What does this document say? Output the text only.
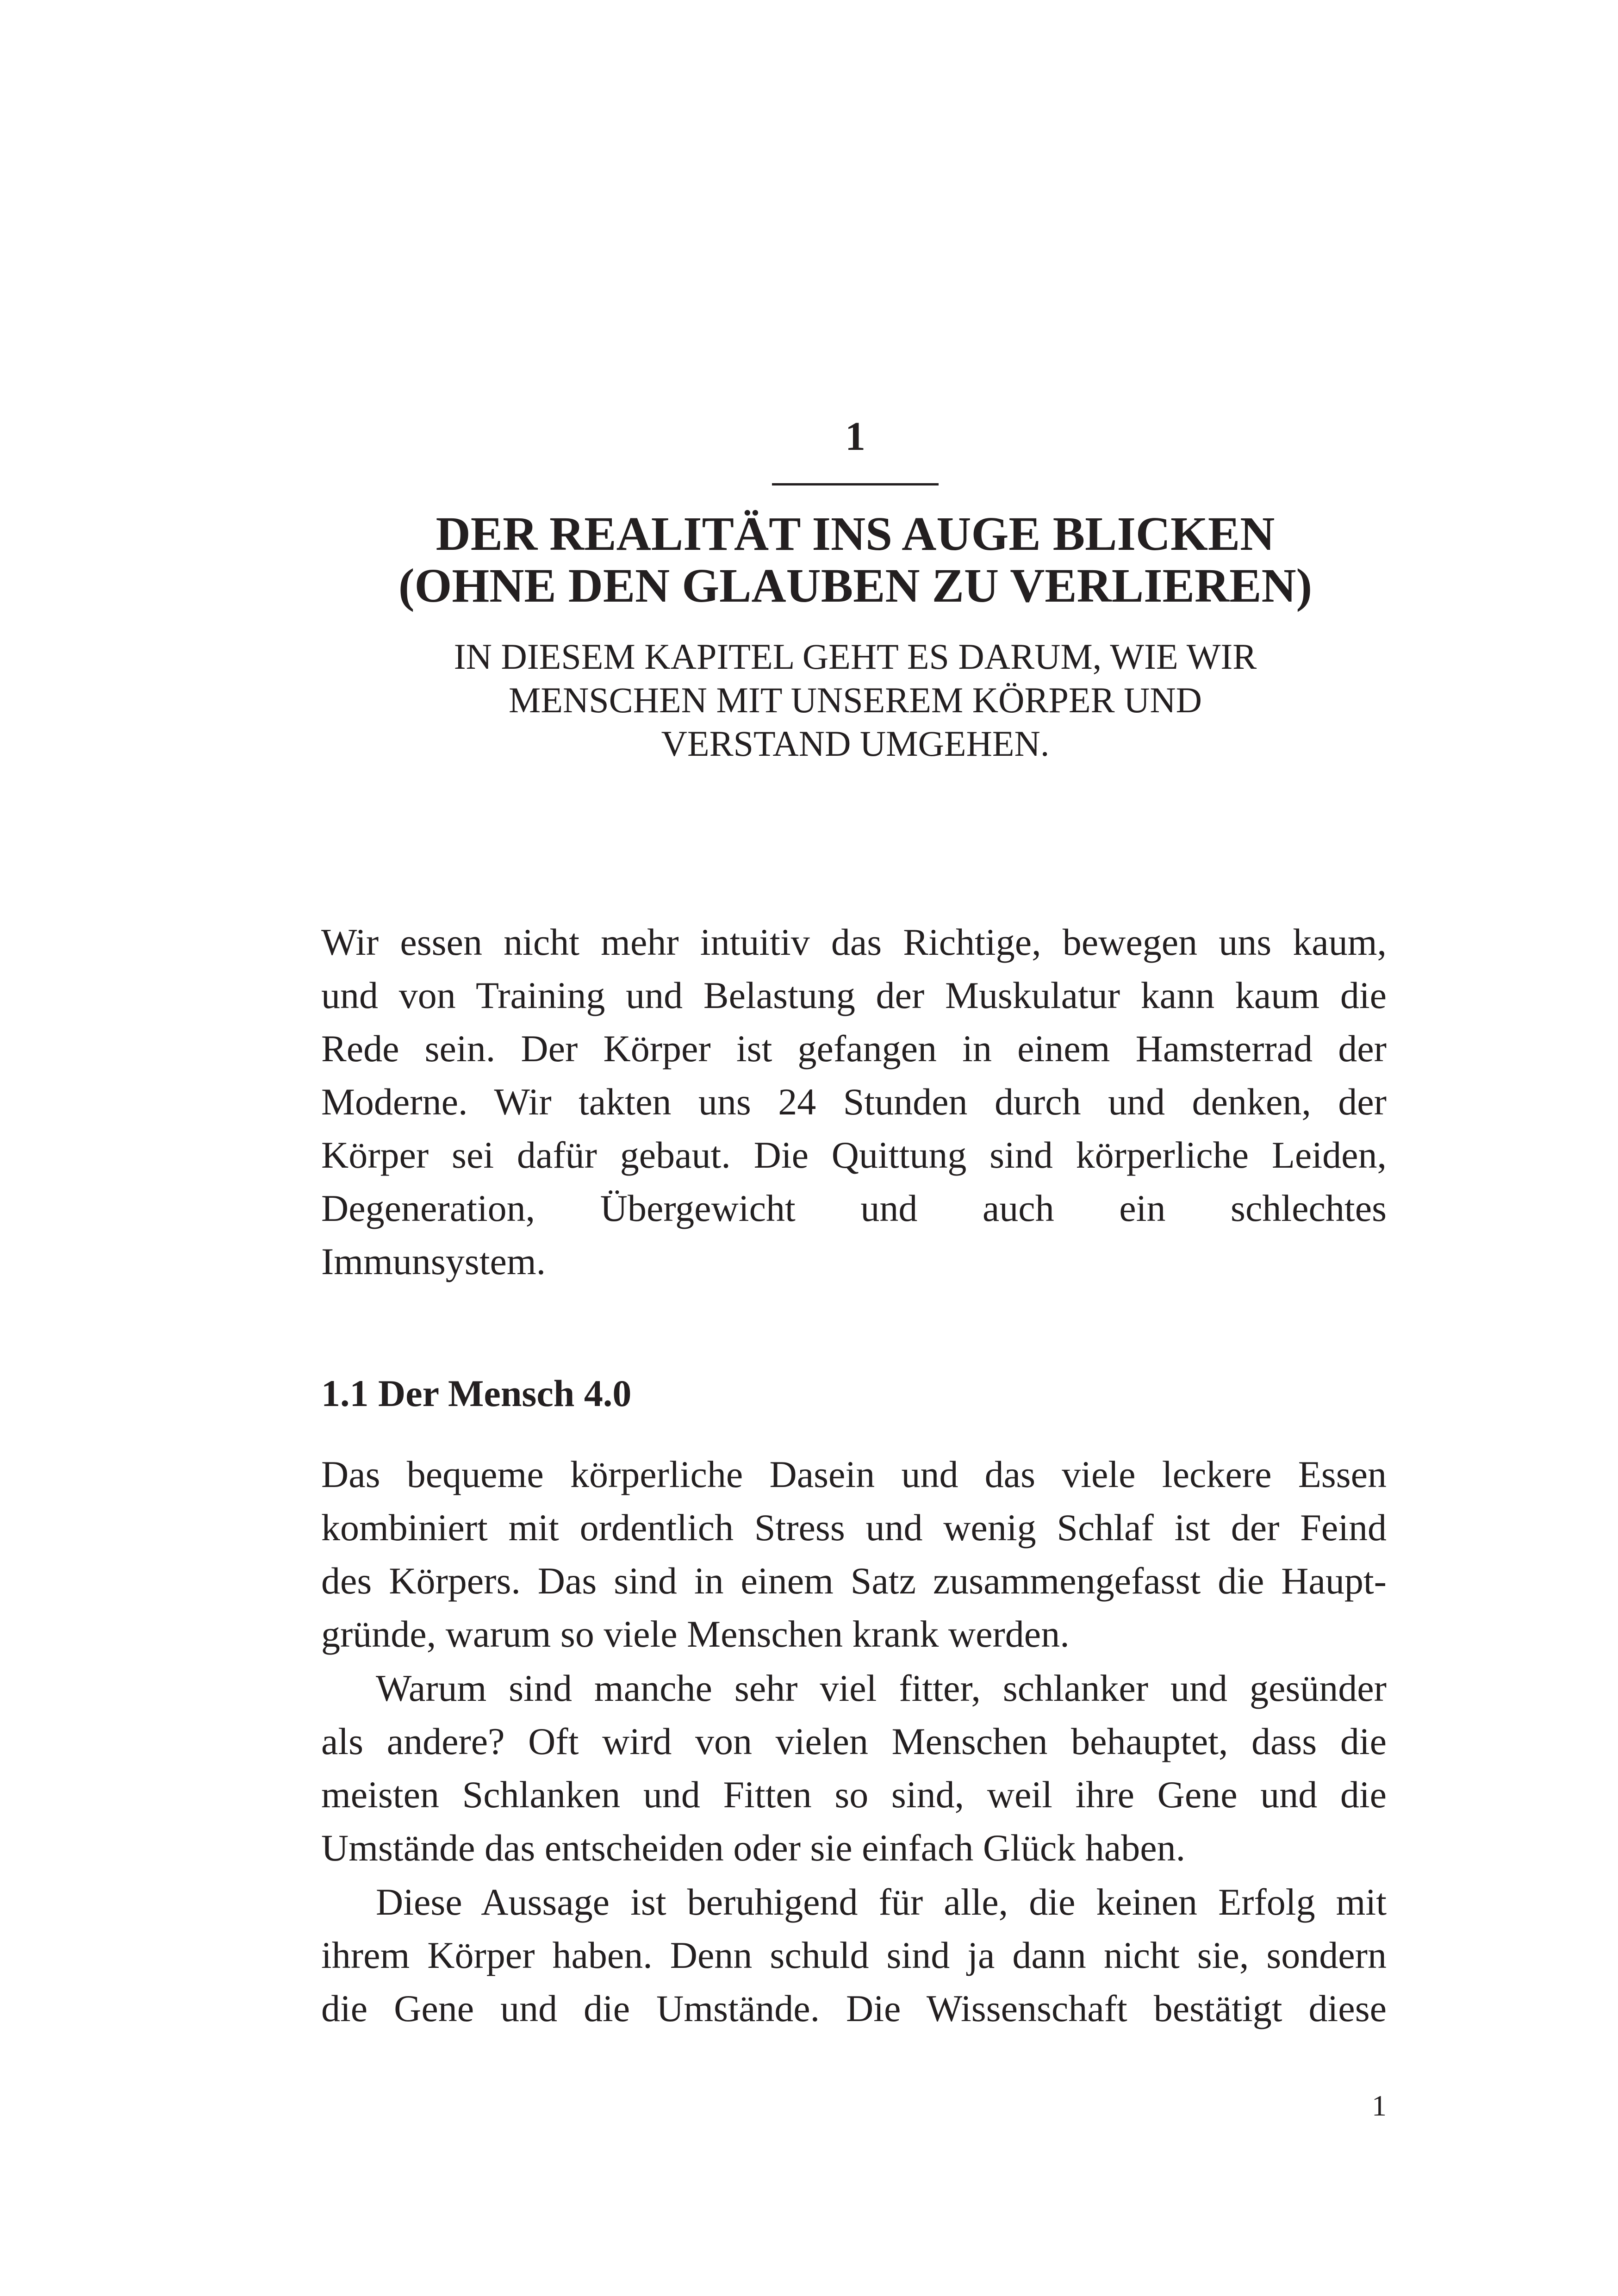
1
DER REALITÄT INS AUGE BLICKEN
(OHNE DEN GLAUBEN ZU VERLIEREN)
IN DIESEM KAPITEL GEHT ES DARUM, WIE WIR
MENSCHEN MIT UNSEREM KÖRPER UND
VERSTAND UMGEHEN.
Wir essen nicht mehr intuitiv das Richtige, bewegen uns kaum,
und von Training und Belastung der Muskulatur kann kaum die
Rede sein. Der Körper ist gefangen in einem Hamsterrad der
Moderne. Wir takten uns 24 Stunden durch und denken, der
Körper sei dafür gebaut. Die Quittung sind körperliche Leiden,
Degeneration, Übergewicht und auch ein schlechtes
Immunsystem.
1.1 Der Mensch 4.0
Das bequeme körperliche Dasein und das viele leckere Essen
kombiniert mit ordentlich Stress und wenig Schlaf ist der Feind
des Körpers. Das sind in einem Satz zusammengefasst die Haupt-
gründe, warum so viele Menschen krank werden.
Warum sind manche sehr viel fitter, schlanker und gesünder
als andere? Oft wird von vielen Menschen behauptet, dass die
meisten Schlanken und Fitten so sind, weil ihre Gene und die
Umstände das entscheiden oder sie einfach Glück haben.
Diese Aussage ist beruhigend für alle, die keinen Erfolg mit
ihrem Körper haben. Denn schuld sind ja dann nicht sie, sondern
die Gene und die Umstände. Die Wissenschaft bestätigt diese
1
